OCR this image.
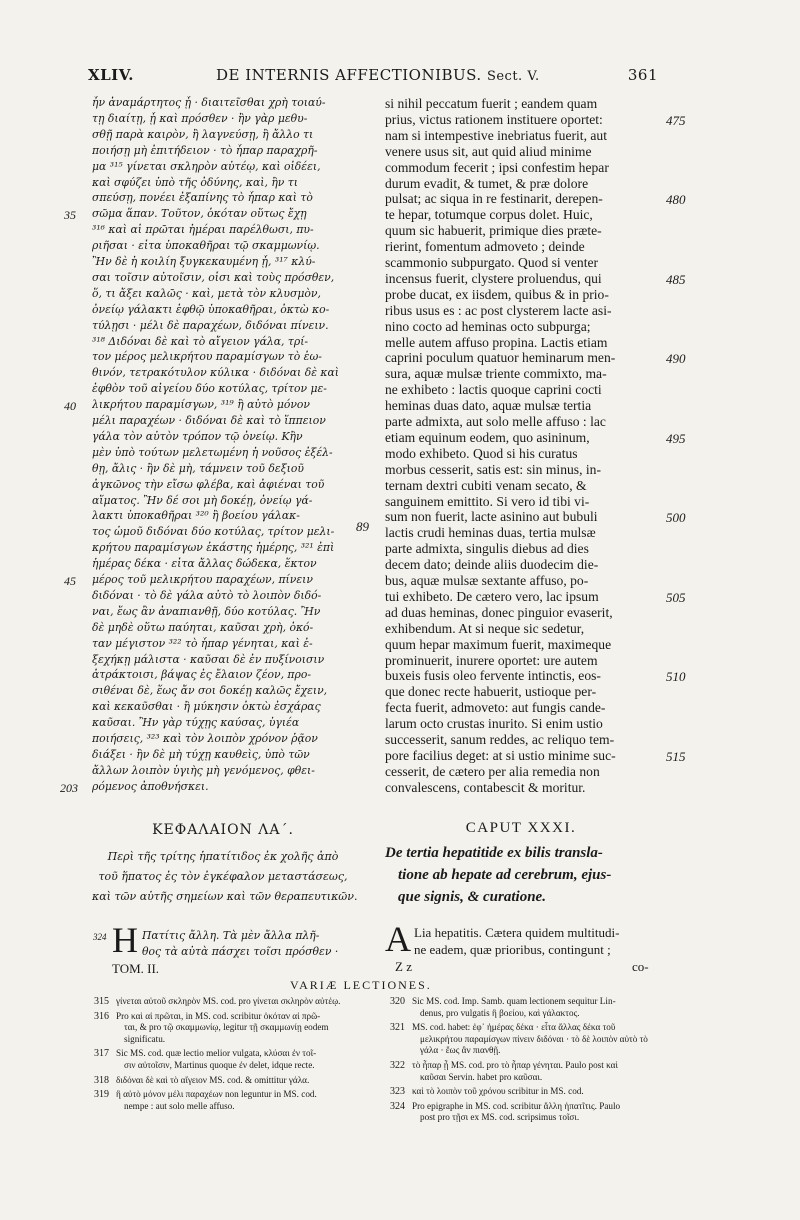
XLIV.	DE INTERNIS AFFECTIONIBUS. Sect. V.	361
ἦν ἀναμάρτητος ᾖ · διαιτεῖσθαι χρὴ τοιαύ-
τῃ διαίτῃ, ᾗ καὶ πρόσθεν · ἢν γὰρ μεθυ-
σθῇ παρὰ καιρὸν, ἢ λαγνεύσῃ, ἢ ἄλλο τι
ποιήσῃ μὴ ἐπιτήδειον · τὸ ἧπαρ παραχρῆ-
μα ³¹⁵ γίνεται σκληρὸν αὐτέῳ, καὶ οἰδέει,
καὶ σφύζει ὑπὸ τῆς ὀδύνης, καὶ, ἢν τι
σπεύσῃ, πονέει ἐξαπίνης τὸ ἧπαρ καὶ τὸ
σῶμα ἅπαν. Τοῦτον, ὁκόταν οὕτως ἔχῃ
³¹⁶ καὶ αἱ πρῶται ἡμέραι παρέλθωσι, πυ-
ριῆσαι · εἶτα ὑποκαθῆραι τῷ σκαμμωνίῳ.
Ἢν δὲ ἡ κοιλίη ξυγκεκαυμένη ᾖ, ³¹⁷ κλύ-
σαι τοῖσιν αὐτοῖσιν, οἷσι καὶ τοὺς πρόσθεν,
ὅ, τι ἄξει καλῶς · καὶ, μετὰ τὸν κλυσμὸν,
ὀνείῳ γάλακτι ἑφθῷ ὑποκαθῆραι, ὀκτὼ κο-
τύλῃσι · μέλι δὲ παραχέων, διδόναι πίνειν.
³¹⁸ Διδόναι δὲ καὶ τὸ αἴγειον γάλα, τρί-
τον μέρος μελικρήτου παραμίσγων τὸ ἑω-
θινόν, τετρακότυλον κύλικα · διδόναι δὲ καὶ
ἑφθὸν τοῦ αἰγείου δύο κοτύλας, τρίτον με-
λικρήτου παραμίσγων, ³¹⁹ ἢ αὐτὸ μόνον
μέλι παραχέων · διδόναι δὲ καὶ τὸ ἵππειον
γάλα τὸν αὐτὸν τρόπον τῷ ὀνείῳ. Κἢν
μὲν ὑπὸ τούτων μελετωμένη ἡ νοῦσος ἐξέλ-
θῃ, ἄλις · ἢν δὲ μὴ, τάμνειν τοῦ δεξιοῦ
ἀγκῶνος τὴν εἴσω φλέβα, καὶ ἀφιέναι τοῦ
αἵματος. Ἢν δέ σοι μὴ δοκέῃ, ὀνείῳ γά-
λακτι ὑποκαθῆραι ³²⁰ ἢ βοείου γάλακ-
τος ὠμοῦ διδόναι δύο κοτύλας, τρίτον μελι-
κρήτου παραμίσγων ἑκάστης ἡμέρης, ³²¹ ἐπὶ
ἡμέρας δέκα · εἶτα ἄλλας δώδεκα, ἕκτον
μέρος τοῦ μελικρήτου παραχέων, πίνειν
διδόναι · τὸ δὲ γάλα αὐτὸ τὸ λοιπὸν διδό-
ναι, ἕως ἂν ἀναπιανθῇ, δύο κοτύλας. Ἢν
δὲ μηδὲ οὕτω παύηται, καῦσαι χρὴ, ὁκό-
ταν μέγιστον ³²² τὸ ἧπαρ γένηται, καὶ ἐ-
ξεχήκῃ μάλιστα · καῦσαι δὲ ἐν πυξίνοισιν
ἀτράκτοισι, βάψας ἐς ἔλαιον ζέον, προ-
σιθέναι δὲ, ἕως ἄν σοι δοκέῃ καλῶς ἔχειν,
καὶ κεκαῦσθαι · ἢ μύκησιν ὀκτὼ ἐσχάρας
καῦσαι. Ἢν γὰρ τύχῃς καύσας, ὑγιέα
ποιήσεις, ³²³ καὶ τὸν λοιπὸν χρόνον ῥᾷον
διάξει · ἢν δὲ μὴ τύχῃ καυθεὶς, ὑπὸ τῶν
ἄλλων λοιπὸν ὑγιὴς μὴ γενόμενος, φθει-
ρόμενος ἀποθνήσκει.
35
40
45
203
si nihil peccatum fuerit ; eandem quam
prius, victus rationem instituere oportet:
nam si intempestive inebriatus fuerit, aut
venere usus sit, aut quid aliud minime
commodum fecerit ; ipsi confestim hepar
durum evadit, & tumet, & præ dolore
pulsat; ac siqua in re festinarit, derepen-
te hepar, totumque corpus dolet. Huic,
quum sic habuerit, primique dies præte-
rierint, fomentum admoveto ; deinde
scammonio subpurgato. Quod si venter
incensus fuerit, clystere proluendus, qui
probe ducat, ex iisdem, quibus & in prio-
ribus usus es : ac post clysterem lacte asi-
nino cocto ad heminas octo subpurga;
melle autem affuso propina. Lactis etiam
caprini poculum quatuor heminarum men-
sura, aquæ mulsæ triente commixto, ma-
ne exhibeto : lactis quoque caprini cocti
heminas duas dato, aquæ mulsæ tertia
parte admixta, aut solo melle affuso : lac
etiam equinum eodem, quo asininum,
modo exhibeto. Quod si his curatus
morbus cesserit, satis est: sin minus, in-
ternam dextri cubiti venam secato, &
sanguinem emittito. Si vero id tibi vi-
sum non fuerit, lacte asinino aut bubuli
lactis crudi heminas duas, tertia mulsæ
parte admixta, singulis diebus ad dies
decem dato; deinde aliis duodecim die-
bus, aquæ mulsæ sextante affuso, po-
tui exhibeto. De cætero vero, lac ipsum
ad duas heminas, donec pinguior evaserit,
exhibendum. At si neque sic sedetur,
quum hepar maximum fuerit, maximeque
prominuerit, inurere oportet: ure autem
buxeis fusis oleo fervente intinctis, eos-
que donec recte habuerit, ustioque per-
fecta fuerit, admoveto: aut fungis cande-
larum octo crustas inurito. Si enim ustio
successerit, sanum reddes, ac reliquo tem-
pore facilius deget: at si ustio minime suc-
cesserit, de cætero per alia remedia non
convalescens, contabescit & moritur.
475
480
485
490
495
500
505
510
515
89
ΚΕΦΑΛΑΙΟΝ ΛΑ΄.
Περὶ τῆς τρίτης ἡπατίτιδος ἐκ χολῆς ἀπὸ
τοῦ ἥπατος ἐς τὸν ἐγκέφαλον μεταστάσεως,
καὶ τῶν αὐτῆς σημείων καὶ τῶν θεραπευτικῶν.
324 Η Πατίτις ἄλλη. Τὰ μὲν ἄλλα πλῆ-
θος τὰ αὐτὰ πάσχει τοῖσι πρόσθεν ·
TOM. II.
CAPUT XXXI.
De tertia hepatitide ex bilis transla-
tione ab hepate ad cerebrum, ejus-
que signis, & curatione.
A Lia hepatitis. Cætera quidem multitudi-
ne eadem, quæ prioribus, contingunt ;
Z z	co-
VARIÆ LECTIONES.
315 γίνεται αὐτοῦ σκληρὸν MS. cod. pro γίνεται σκληρὸν αὐτέῳ.
316 Pro καὶ αἱ πρῶται, in MS. cod. scribitur ὁκόταν αἱ πρῶ-
ται, & pro τῷ σκαμμωνίῳ, legitur τῇ σκαμμωνίῃ eodem
significatu.
317 Sic MS. cod. quæ lectio melior vulgata, κλύσαι ἐν τοῖ-
σιν αὐτοῖσιν, Martinus quoque ἐν delet, idque recte.
318 διδόναι δὲ καὶ τὸ αἴγειον MS. cod. & omittitur γάλα.
319 ἢ αὐτὸ μόνον μέλι παραχέων non leguntur in MS. cod.
nempe : aut solo melle affuso.
320 Sic MS. cod. Imp. Samb. quam lectionem sequitur Lin-
denus, pro vulgatis ἢ βοείου, καὶ γάλακτος.
321 MS. cod. habet: ἐφ᾽ ἡμέρας δέκα · εἶτα ἄλλας δέκα τοῦ
μελικρήτου παραμίσγων πίνειν διδόναι · τὸ δὲ λοιπὸν αὐτὸ τὸ
γάλα · ἕως ἂν πιανθῇ.
322 τὸ ἧπαρ ᾖ MS. cod. pro τὸ ἧπαρ γένηται. Paulo post καὶ
καῦσαι Servin. habet pro καῦσαι.
323 καὶ τὸ λοιπὸν τοῦ χρόνου scribitur in MS. cod.
324 Pro epigraphe in MS. cod. scribitur ἄλλη ἡπατῖτις. Paulo
post pro τῇσι ex MS. cod. scripsimus τοῖσι.
